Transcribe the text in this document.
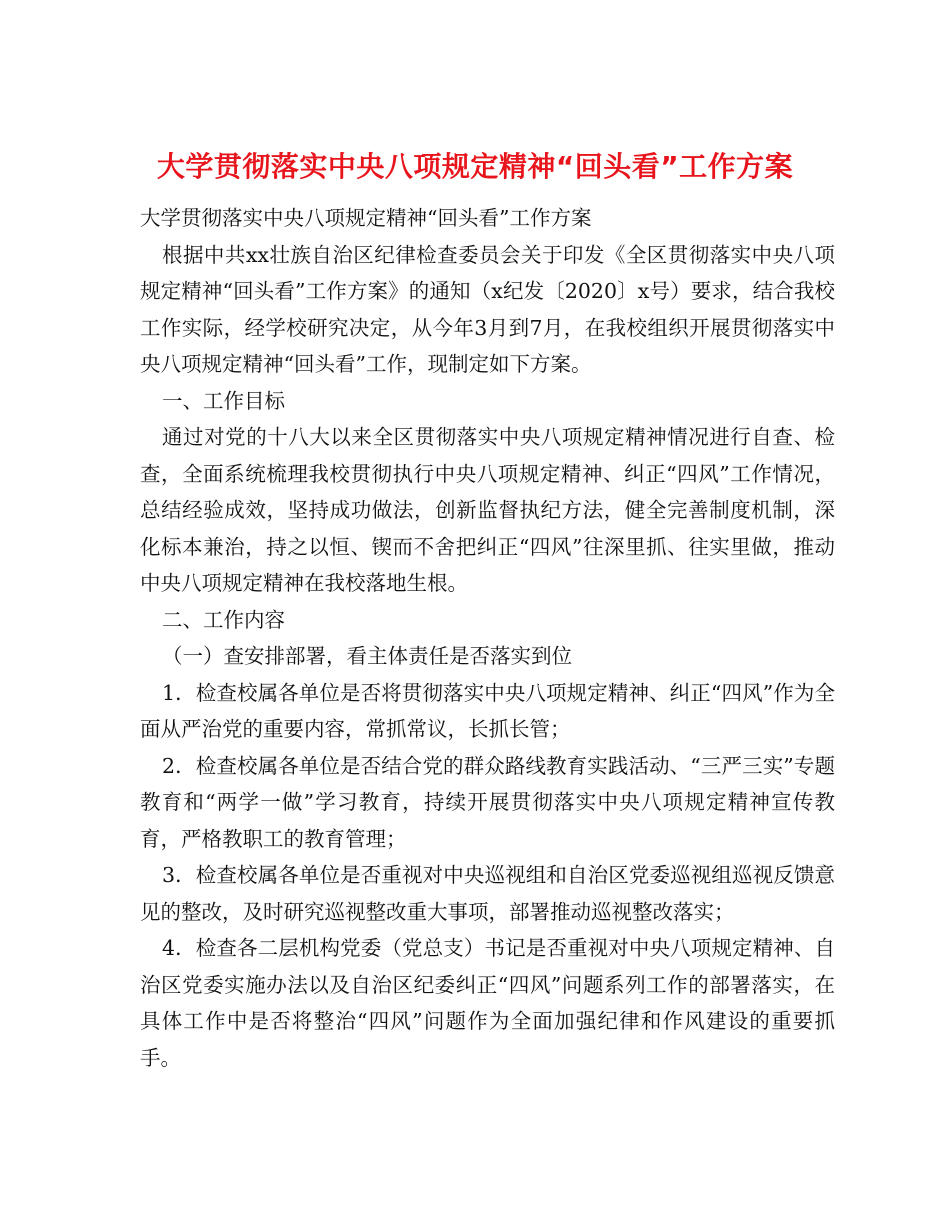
大学贯彻落实中央八项规定精神“回头看”工作方案

大学贯彻落实中央八项规定精神“回头看”工作方案

根据中共xx壮族自治区纪律检查委员会关于印发《全区贯彻落实中央八项规定精神“回头看”工作方案》的通知（x纪发〔2020〕x号）要求，结合我校工作实际，经学校研究决定，从今年3月到7月，在我校组织开展贯彻落实中央八项规定精神“回头看”工作，现制定如下方案。

一、工作目标

通过对党的十八大以来全区贯彻落实中央八项规定精神情况进行自查、检查，全面系统梳理我校贯彻执行中央八项规定精神、纠正“四风”工作情况，总结经验成效，坚持成功做法，创新监督执纪方法，健全完善制度机制，深化标本兼治，持之以恒、锲而不舍把纠正“四风”往深里抓、往实里做，推动中央八项规定精神在我校落地生根。

二、工作内容

（一）查安排部署，看主体责任是否落实到位

1．检查校属各单位是否将贯彻落实中央八项规定精神、纠正“四风”作为全面从严治党的重要内容，常抓常议，长抓长管；

2．检查校属各单位是否结合党的群众路线教育实践活动、“三严三实”专题教育和“两学一做”学习教育，持续开展贯彻落实中央八项规定精神宣传教育，严格教职工的教育管理；

3．检查校属各单位是否重视对中央巡视组和自治区党委巡视组巡视反馈意见的整改，及时研究巡视整改重大事项，部署推动巡视整改落实；

4．检查各二层机构党委（党总支）书记是否重视对中央八项规定精神、自治区党委实施办法以及自治区纪委纠正“四风”问题系列工作的部署落实，在具体工作中是否将整治“四风”问题作为全面加强纪律和作风建设的重要抓手。
